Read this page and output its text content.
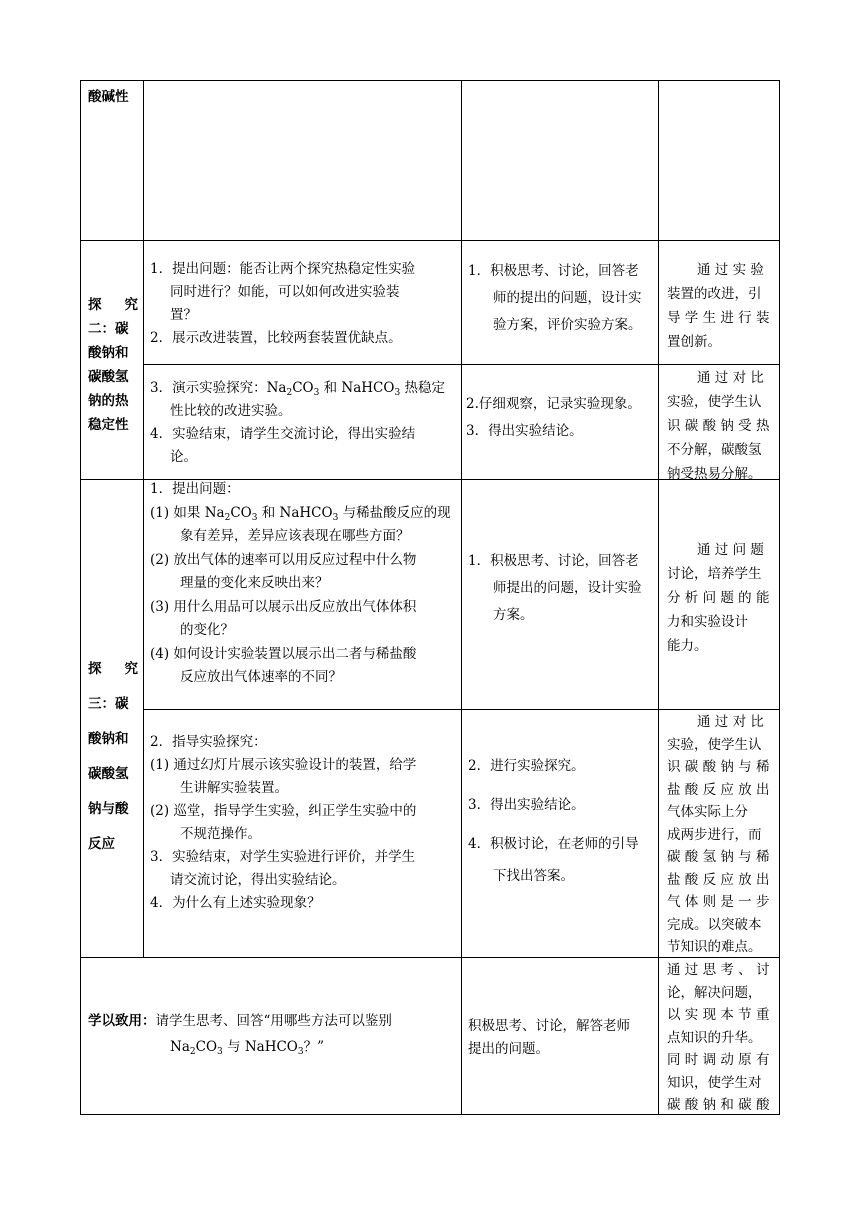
酸碱性
探　究
二：碳
酸钠和
碳酸氢
钠的热
稳定性
1．提出问题：能否让两个探究热稳定性实验
同时进行？如能，可以如何改进实验装
置？
2．展示改进装置，比较两套装置优缺点。
1．积极思考、讨论，回答老
师的提出的问题，设计实
验方案，评价实验方案。
通 过 实 验
装置的改进，引
导 学 生 进 行 装
置创新。
3．演示实验探究：$Na_2CO_3$ 和 NaHCO$_3$ 热稳定
性比较的改进实验。
4．实验结束，请学生交流讨论，得出实验结
论。
2.仔细观察，记录实验现象。
3．得出实验结论。
通 过 对 比
实验，使学生认
识 碳 酸 钠 受 热
不分解，碳酸氢
钠受热易分解。
探　究
三：碳
酸钠和
碳酸氢
钠与酸
反应
1．提出问题：
(1) 如果 $Na_2CO_3$ 和 NaHCO$_3$ 与稀盐酸反应的现
象有差异，差异应该表现在哪些方面？
(2) 放出气体的速率可以用反应过程中什么物
理量的变化来反映出来？
(3) 用什么用品可以展示出反应放出气体体积
的变化？
(4) 如何设计实验装置以展示出二者与稀盐酸
反应放出气体速率的不同？
1．积极思考、讨论，回答老
师提出的问题，设计实验
方案。
通 过 问 题
讨论，培养学生
分 析 问 题 的 能
力和实验设计
能力。
2．指导实验探究：
(1) 通过幻灯片展示该实验设计的装置，给学
生讲解实验装置。
(2) 巡堂，指导学生实验，纠正学生实验中的
不规范操作。
3．实验结束，对学生实验进行评价，并学生
请交流讨论，得出实验结论。
4．为什么有上述实验现象？
2．进行实验探究。
3．得出实验结论。
4．积极讨论，在老师的引导
下找出答案。
通 过 对 比
实验，使学生认
识 碳 酸 钠 与 稀
盐 酸 反 应 放 出
气体实际上分
成两步进行，而
碳 酸 氢 钠 与 稀
盐 酸 反 应 放 出
气 体 则 是 一 步
完成。以突破本
节知识的难点。
学以致用：请学生思考、回答“用哪些方法可以鉴别
$Na_2CO_3$ 与 NaHCO$_3$？”
积极思考、讨论，解答老师
提出的问题。
通 过 思 考 、 讨
论，解决问题，
以 实 现 本 节 重
点知识的升华。
同 时 调 动 原 有
知识，使学生对
碳 酸 钠 和 碳 酸
